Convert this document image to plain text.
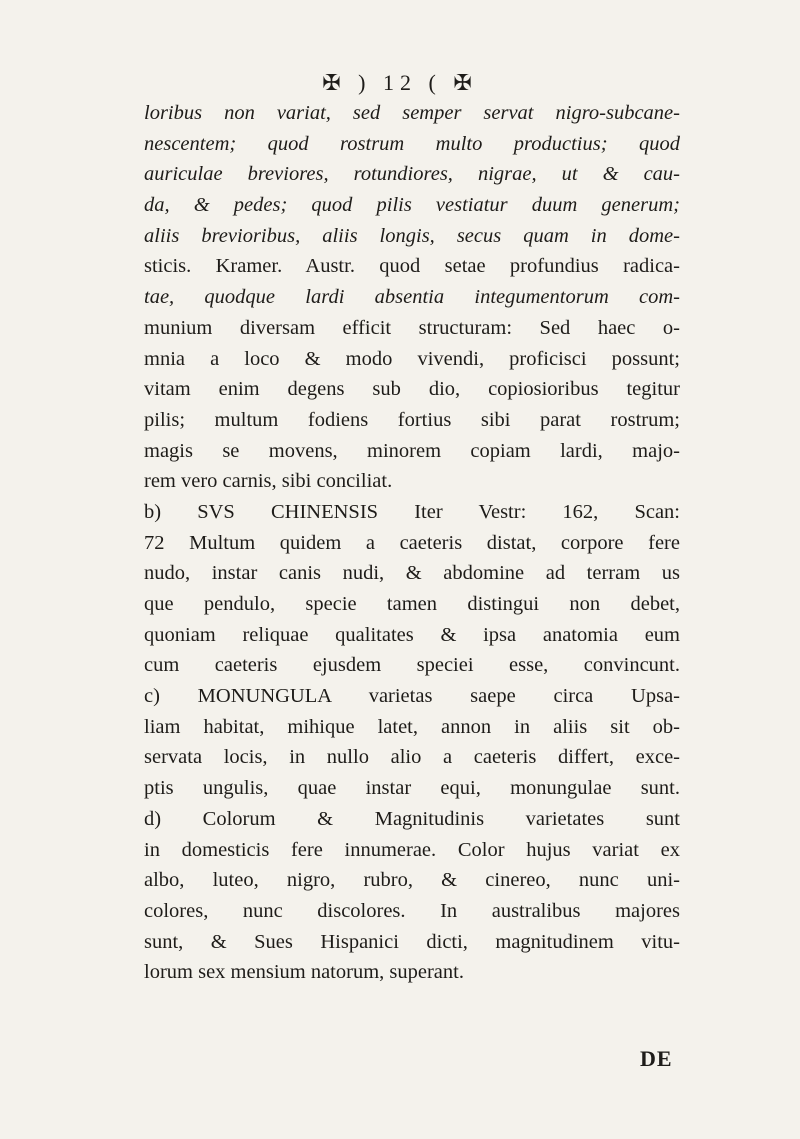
✠ ) 12 ( ✠
loribus non variat, sed semper servat nigro-subcane-
nescentem; quod rostrum multo productius; quod
auriculae breviores, rotundiores, nigrae, ut & cau-
da, & pedes; quod pilis vestiatur duum generum;
aliis brevioribus, aliis longis, secus quam in dome-
sticis. Kramer. Austr. quod setae profundius radica-
tae, quodque lardi absentia integumentorum com-
munium diversam efficit structuram: Sed haec o-
mnia a loco & modo vivendi, proficisci possunt;
vitam enim degens sub dio, copiosioribus tegitur
pilis; multum fodiens fortius sibi parat rostrum;
magis se movens, minorem copiam lardi, majo-
rem vero carnis, sibi conciliat.
b) SVS CHINENSIS Iter Vestr: 162, Scan:
72 Multum quidem a caeteris distat, corpore fere
nudo, instar canis nudi, & abdomine ad terram us
que pendulo, specie tamen distingui non debet,
quoniam reliquae qualitates & ipsa anatomia eum
cum caeteris ejusdem speciei esse, convincunt.
c) MONUNGULA varietas saepe circa Upsa-
liam habitat, mihique latet, annon in aliis sit ob-
servata locis, in nullo alio a caeteris differt, exce-
ptis ungulis, quae instar equi, monungulae sunt.
d) Colorum & Magnitudinis varietates sunt
in domesticis fere innumerae. Color hujus variat ex
albo, luteo, nigro, rubro, & cinereo, nunc uni-
colores, nunc discolores. In australibus majores
sunt, & Sues Hispanici dicti, magnitudinem vitu-
lorum sex mensium natorum, superant.
DE
